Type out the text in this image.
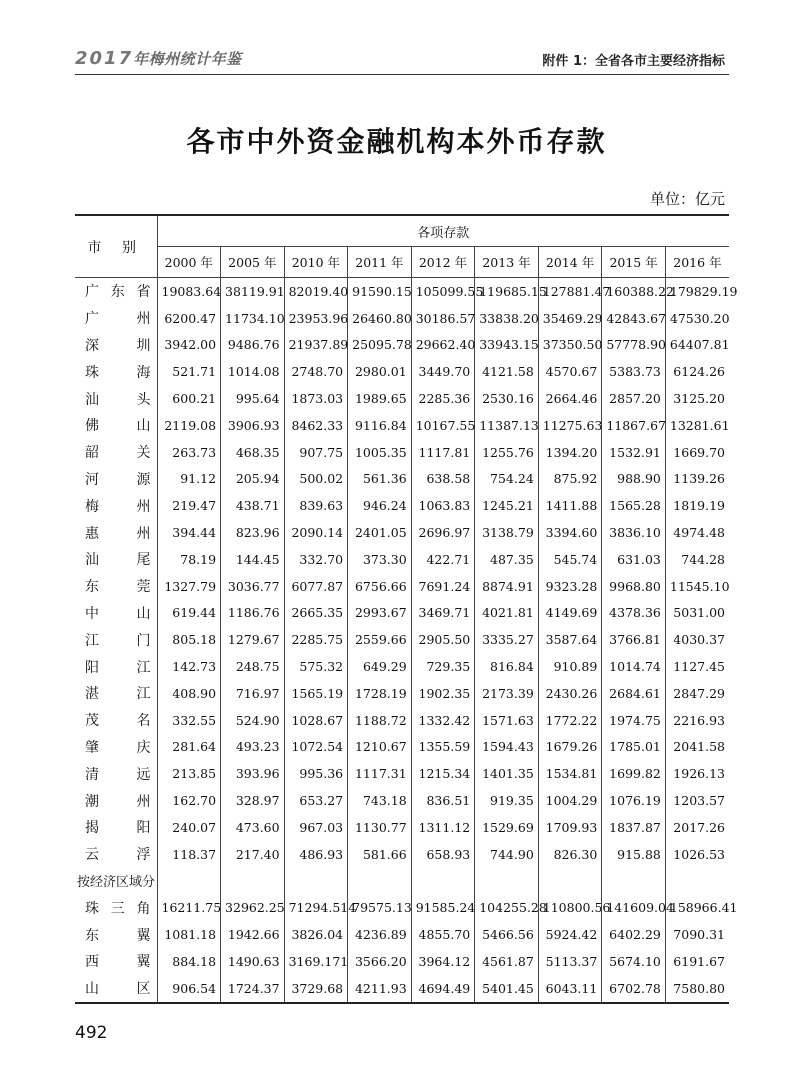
2017年梅州统计年鉴	附件 1：全省各市主要经济指标
各市中外资金融机构本外币存款
单位：亿元
市 别	各项存款								
	2000 年	2005 年	2010 年	2011 年	2012 年	2013 年	2014 年	2015 年	2016 年
广东省	19083.64	38119.91	82019.40	91590.15	105099.55	119685.15	127881.47	160388.22	179829.19
广州	6200.47	11734.10	23953.96	26460.80	30186.57	33838.20	35469.29	42843.67	47530.20
深圳	3942.00	9486.76	21937.89	25095.78	29662.40	33943.15	37350.50	57778.90	64407.81
珠海	521.71	1014.08	2748.70	2980.01	3449.70	4121.58	4570.67	5383.73	6124.26
汕头	600.21	995.64	1873.03	1989.65	2285.36	2530.16	2664.46	2857.20	3125.20
佛山	2119.08	3906.93	8462.33	9116.84	10167.55	11387.13	11275.63	11867.67	13281.61
韶关	263.73	468.35	907.75	1005.35	1117.81	1255.76	1394.20	1532.91	1669.70
河源	91.12	205.94	500.02	561.36	638.58	754.24	875.92	988.90	1139.26
梅州	219.47	438.71	839.63	946.24	1063.83	1245.21	1411.88	1565.28	1819.19
惠州	394.44	823.96	2090.14	2401.05	2696.97	3138.79	3394.60	3836.10	4974.48
汕尾	78.19	144.45	332.70	373.30	422.71	487.35	545.74	631.03	744.28
东莞	1327.79	3036.77	6077.87	6756.66	7691.24	8874.91	9323.28	9968.80	11545.10
中山	619.44	1186.76	2665.35	2993.67	3469.71	4021.81	4149.69	4378.36	5031.00
江门	805.18	1279.67	2285.75	2559.66	2905.50	3335.27	3587.64	3766.81	4030.37
阳江	142.73	248.75	575.32	649.29	729.35	816.84	910.89	1014.74	1127.45
湛江	408.90	716.97	1565.19	1728.19	1902.35	2173.39	2430.26	2684.61	2847.29
茂名	332.55	524.90	1028.67	1188.72	1332.42	1571.63	1772.22	1974.75	2216.93
肇庆	281.64	493.23	1072.54	1210.67	1355.59	1594.43	1679.26	1785.01	2041.58
清远	213.85	393.96	995.36	1117.31	1215.34	1401.35	1534.81	1699.82	1926.13
潮州	162.70	328.97	653.27	743.18	836.51	919.35	1004.29	1076.19	1203.57
揭阳	240.07	473.60	967.03	1130.77	1311.12	1529.69	1709.93	1837.87	2017.26
云浮	118.37	217.40	486.93	581.66	658.93	744.90	826.30	915.88	1026.53
按经济区域分									
珠三角	16211.75	32962.25	71294.514	79575.13	91585.24	104255.28	110800.56	141609.04	158966.41
东翼	1081.18	1942.66	3826.04	4236.89	4855.70	5466.56	5924.42	6402.29	7090.31
西翼	884.18	1490.63	3169.171	3566.20	3964.12	4561.87	5113.37	5674.10	6191.67
山区	906.54	1724.37	3729.68	4211.93	4694.49	5401.45	6043.11	6702.78	7580.80
492
